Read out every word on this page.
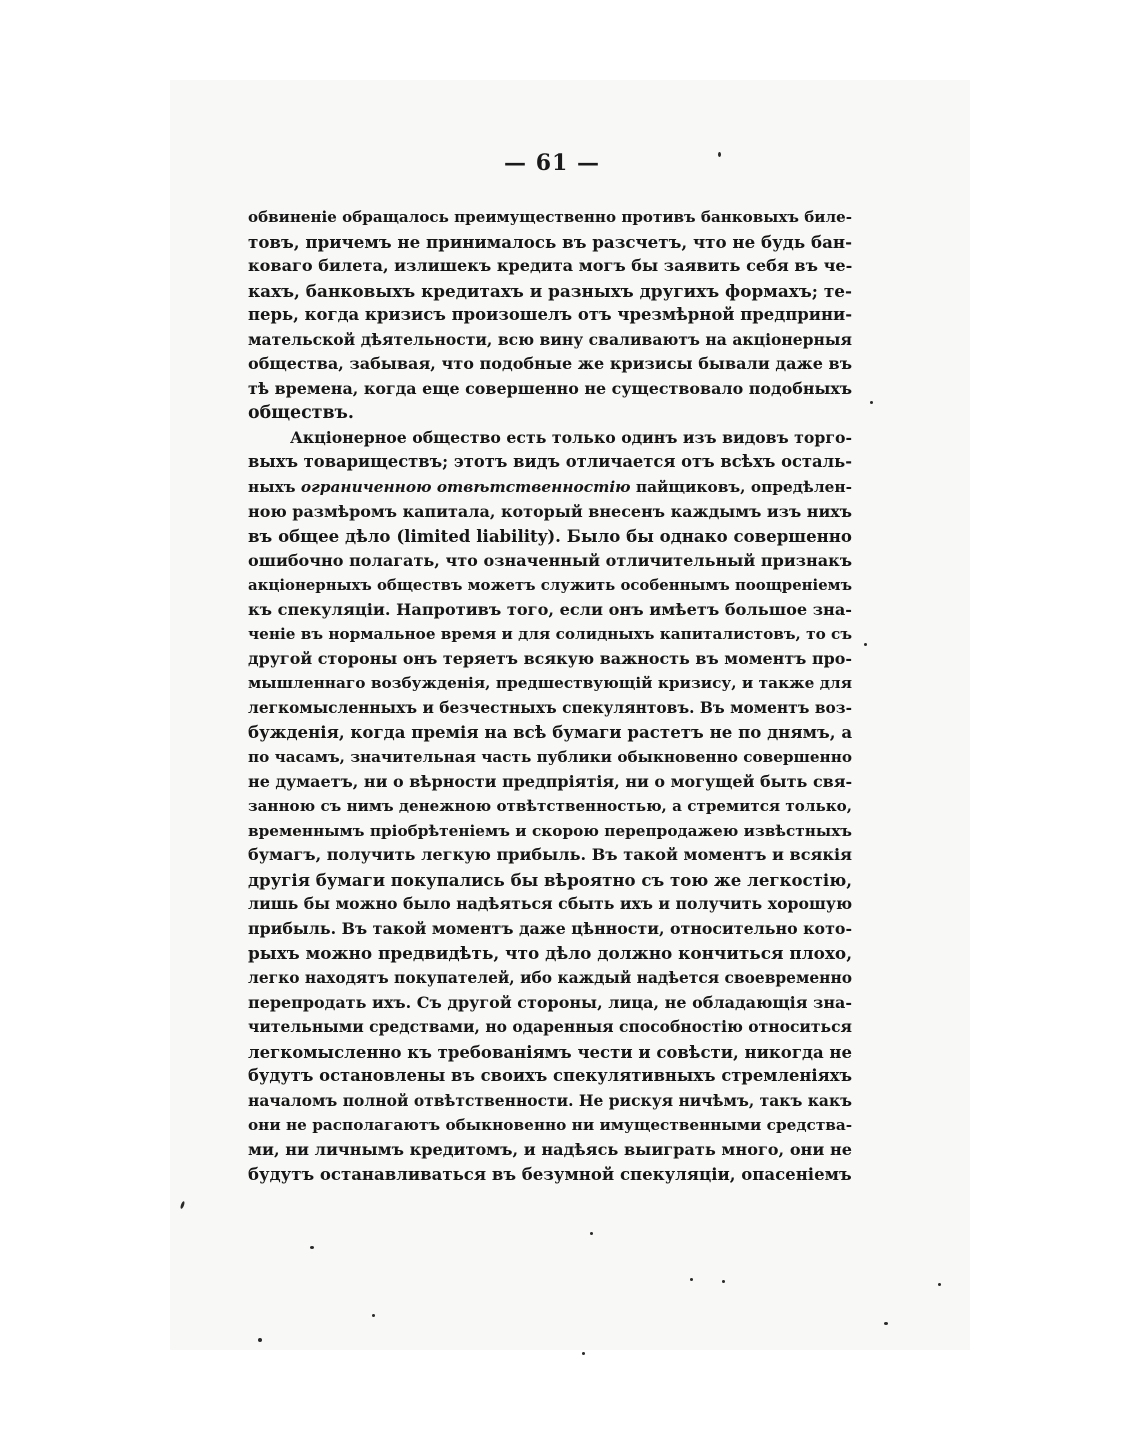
— 61 —
обвиненіе обращалось преимущественно противъ банковыхъ биле-
товъ, причемъ не принималось въ разсчетъ, что не будь бан-
коваго билета, излишекъ кредита могъ бы заявить себя въ че-
кахъ, банковыхъ кредитахъ и разныхъ другихъ формахъ; те-
перь, когда кризисъ произошелъ отъ чрезмѣрной предприни-
мательской дѣятельности, всю вину сваливаютъ на акціонерныя
общества, забывая, что подобные же кризисы бывали даже въ
тѣ времена, когда еще совершенно не существовало подобныхъ
обществъ.
Акціонерное общество есть только одинъ изъ видовъ торго-
выхъ товариществъ; этотъ видъ отличается отъ всѣхъ осталь-
ныхъ ограниченною отвѣтственностію пайщиковъ, опредѣлен-
ною размѣромъ капитала, который внесенъ каждымъ изъ нихъ
въ общее дѣло (limited liability). Было бы однако совершенно
ошибочно полагать, что означенный отличительный признакъ
акціонерныхъ обществъ можетъ служить особеннымъ поощреніемъ
къ спекуляціи. Напротивъ того, если онъ имѣетъ большое зна-
ченіе въ нормальное время и для солидныхъ капиталистовъ, то съ
другой стороны онъ теряетъ всякую важность въ моментъ про-
мышленнаго возбужденія, предшествующій кризису, и также для
легкомысленныхъ и безчестныхъ спекулянтовъ. Въ моментъ воз-
бужденія, когда премія на всѣ бумаги растетъ не по днямъ, а
по часамъ, значительная часть публики обыкновенно совершенно
не думаетъ, ни о вѣрности предпріятія, ни о могущей быть свя-
занною съ нимъ денежною отвѣтственностью, а стремится только,
временнымъ пріобрѣтеніемъ и скорою перепродажею извѣстныхъ
бумагъ, получить легкую прибыль. Въ такой моментъ и всякія
другія бумаги покупались бы вѣроятно съ тою же легкостію,
лишь бы можно было надѣяться сбыть ихъ и получить хорошую
прибыль. Въ такой моментъ даже цѣнности, относительно кото-
рыхъ можно предвидѣть, что дѣло должно кончиться плохо,
легко находятъ покупателей, ибо каждый надѣется своевременно
перепродать ихъ. Съ другой стороны, лица, не обладающія зна-
чительными средствами, но одаренныя способностію относиться
легкомысленно къ требованіямъ чести и совѣсти, никогда не
будутъ остановлены въ своихъ спекулятивныхъ стремленіяхъ
началомъ полной отвѣтственности. Не рискуя ничѣмъ, такъ какъ
они не располагаютъ обыкновенно ни имущественными средства-
ми, ни личнымъ кредитомъ, и надѣясь выиграть много, они не
будутъ останавливаться въ безумной спекуляціи, опасеніемъ
